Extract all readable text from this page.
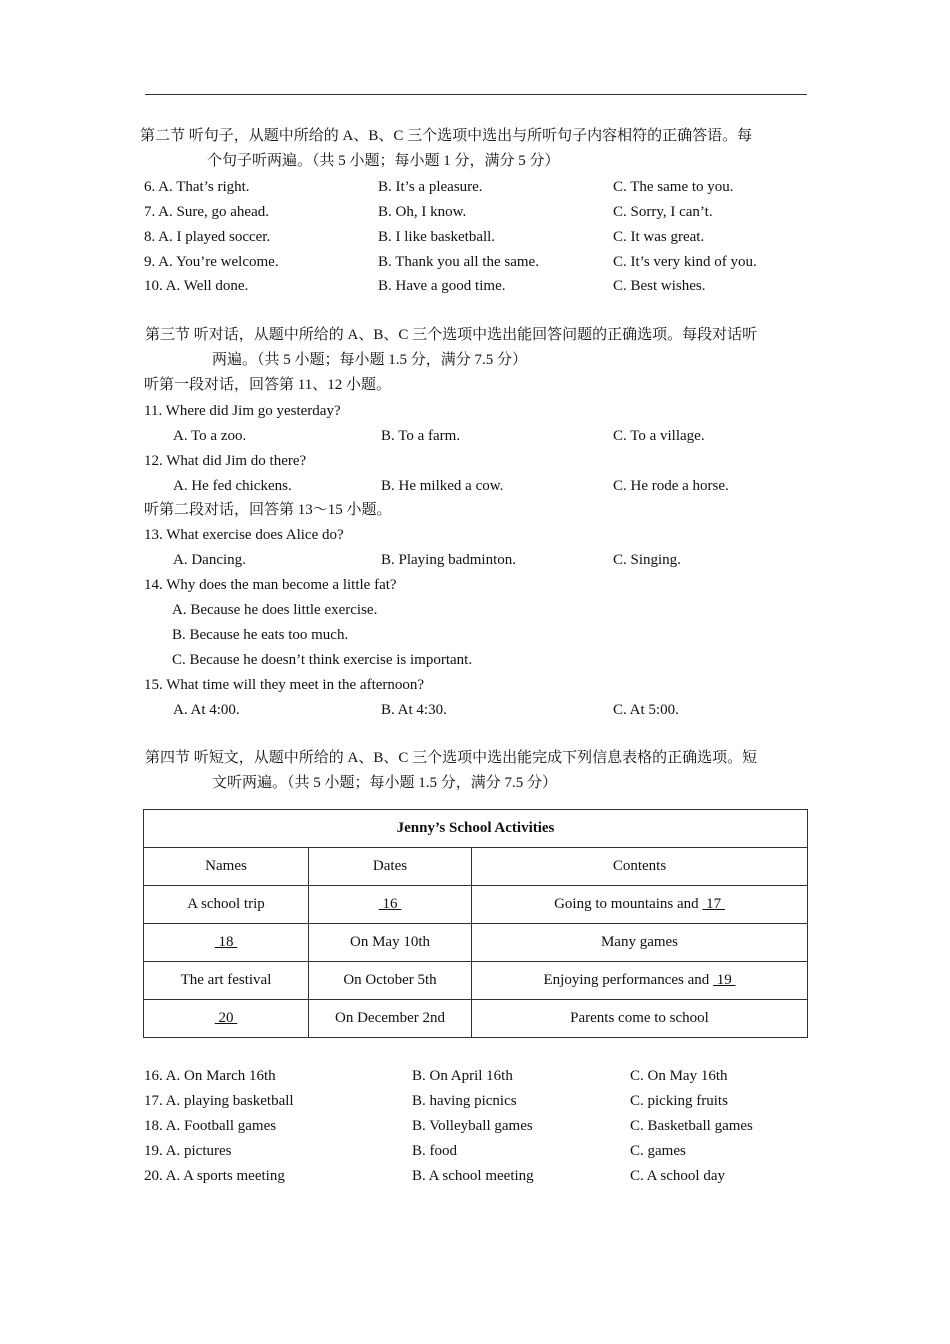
第二节 听句子，从题中所给的 A、B、C 三个选项中选出与所听句子内容相符的正确答语。每
个句子听两遍。（共 5 小题；每小题 1 分，满分 5 分）
6. A. That’s right.	B. It’s a pleasure.	C. The same to you.
7. A. Sure, go ahead.	B. Oh, I know.	C. Sorry, I can’t.
8. A. I played soccer.	B. I like basketball.	C. It was great.
9. A. You’re welcome.	B. Thank you all the same.	C. It’s very kind of you.
10. A. Well done.	B. Have a good time.	C. Best wishes.
第三节 听对话，从题中所给的 A、B、C 三个选项中选出能回答问题的正确选项。每段对话听
两遍。（共 5 小题；每小题 1.5 分，满分 7.5 分）
听第一段对话，回答第 11、12 小题。
11. Where did Jim go yesterday?
A. To a zoo.	B. To a farm.	C. To a village.
12. What did Jim do there?
A. He fed chickens.	B. He milked a cow.	C. He rode a horse.
听第二段对话，回答第 13～15 小题。
13. What exercise does Alice do?
A. Dancing.	B. Playing badminton.	C. Singing.
14. Why does the man become a little fat?
A. Because he does little exercise.
B. Because he eats too much.
C. Because he doesn’t think exercise is important.
15. What time will they meet in the afternoon?
A. At 4:00.	B. At 4:30.	C. At 5:00.
第四节 听短文，从题中所给的 A、B、C 三个选项中选出能完成下列信息表格的正确选项。短
文听两遍。（共 5 小题；每小题 1.5 分，满分 7.5 分）
Jenny’s School Activities		
Names	Dates	Contents
A school trip	16	Going to mountains and  17
18	On May 10th	Many games
The art festival	On October 5th	Enjoying performances and  19
20	On December 2nd	Parents come to school
16. A. On March 16th	B. On April 16th	C. On May 16th
17. A. playing basketball	B. having picnics	C. picking fruits
18. A. Football games	B. Volleyball games	C. Basketball games
19. A. pictures	B. food	C. games
20. A. A sports meeting	B. A school meeting	C. A school day
